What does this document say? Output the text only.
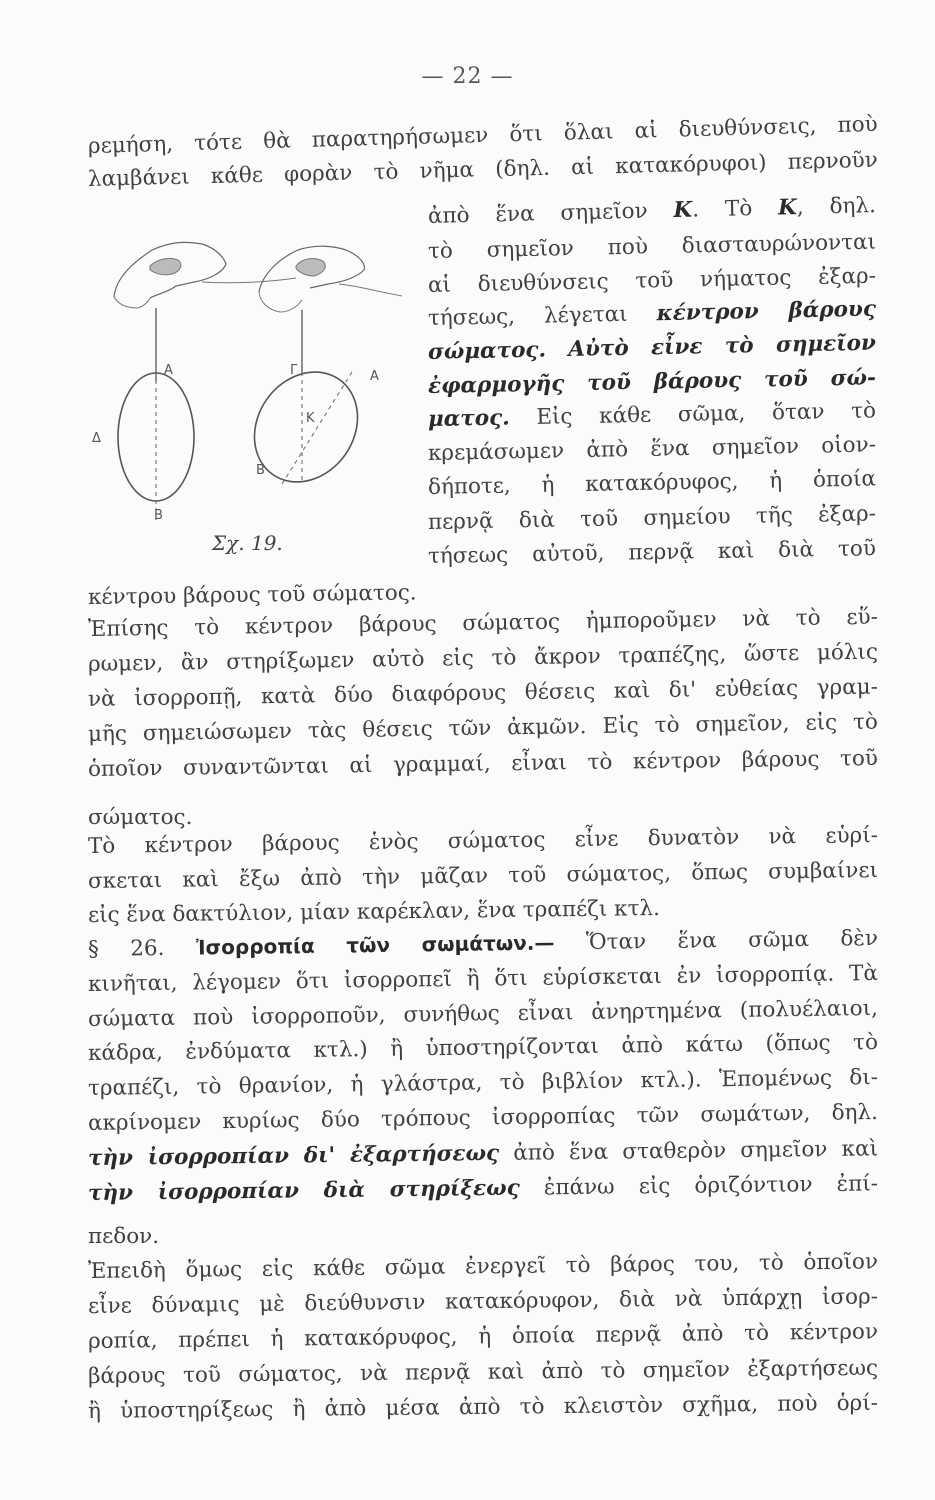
— 22 —
ρεμήση, τότε θὰ παρατηρήσωμεν ὅτι ὅλαι αἱ διευθύνσεις, ποὺ
λαμβάνει κάθε φορὰν τὸ νῆμα (δηλ. αἱ κατακόρυφοι) περνοῦν
Α
Δ
Β
Γ	Α
Κ
Β
Σχ. 19.
ἀπὸ ἕνα σημεῖον Κ. Τὸ Κ, δηλ.
τὸ σημεῖον ποὺ διασταυρώνονται
αἱ διευθύνσεις τοῦ νήματος ἐξαρ-
τήσεως, λέγεται κέντρον βάρους
σώματος. Αὐτὸ εἶνε τὸ σημεῖον
ἐφαρμογῆς τοῦ βάρους τοῦ σώ-
ματος. Εἰς κάθε σῶμα, ὅταν τὸ
κρεμάσωμεν ἀπὸ ἕνα σημεῖον οἱον-
δήποτε, ἡ κατακόρυφος, ἡ ὁποία
περνᾷ διὰ τοῦ σημείου τῆς ἐξαρ-
τήσεως αὐτοῦ, περνᾷ καὶ διὰ τοῦ
κέντρου βάρους τοῦ σώματος.
Ἐπίσης τὸ κέντρον βάρους σώματος ἠμποροῦμεν νὰ τὸ εὕ-
ρωμεν, ἂν στηρίξωμεν αὐτὸ εἰς τὸ ἄκρον τραπέζης, ὥστε μόλις
νὰ ἰσορροπῇ, κατὰ δύο διαφόρους θέσεις καὶ δι' εὐθείας γραμ-
μῆς σημειώσωμεν τὰς θέσεις τῶν ἀκμῶν. Εἰς τὸ σημεῖον, εἰς τὸ
ὁποῖον συναντῶνται αἱ γραμμαί, εἶναι τὸ κέντρον βάρους τοῦ
σώματος.
Τὸ κέντρον βάρους ἑνὸς σώματος εἶνε δυνατὸν νὰ εὑρί-
σκεται καὶ ἔξω ἀπὸ τὴν μᾶζαν τοῦ σώματος, ὅπως συμβαίνει
εἰς ἕνα δακτύλιον, μίαν καρέκλαν, ἕνα τραπέζι κτλ.
§ 26. Ἰσορροπία τῶν σωμάτων.— Ὅταν ἕνα σῶμα δὲν
κινῆται, λέγομεν ὅτι ἰσορροπεῖ ἢ ὅτι εὑρίσκεται ἐν ἰσορροπίᾳ. Τὰ
σώματα ποὺ ἰσορροποῦν, συνήθως εἶναι ἀνηρτημένα (πολυέλαιοι,
κάδρα, ἐνδύματα κτλ.) ἢ ὑποστηρίζονται ἀπὸ κάτω (ὅπως τὸ
τραπέζι, τὸ θρανίον, ἡ γλάστρα, τὸ βιβλίον κτλ.). Ἑπομένως δι-
ακρίνομεν κυρίως δύο τρόπους ἰσορροπίας τῶν σωμάτων, δηλ.
τὴν ἰσορροπίαν δι' ἐξαρτήσεως ἀπὸ ἕνα σταθερὸν σημεῖον καὶ
τὴν ἰσορροπίαν διὰ στηρίξεως ἐπάνω εἰς ὁριζόντιον ἐπί-
πεδον.
Ἐπειδὴ ὅμως εἰς κάθε σῶμα ἐνεργεῖ τὸ βάρος του, τὸ ὁποῖον
εἶνε δύναμις μὲ διεύθυνσιν κατακόρυφον, διὰ νὰ ὑπάρχῃ ἰσορ-
ροπία, πρέπει ἡ κατακόρυφος, ἡ ὁποία περνᾷ ἀπὸ τὸ κέντρον
βάρους τοῦ σώματος, νὰ περνᾷ καὶ ἀπὸ τὸ σημεῖον ἐξαρτήσεως
ἢ ὑποστηρίξεως ἢ ἀπὸ μέσα ἀπὸ τὸ κλειστὸν σχῆμα, ποὺ ὁρί-
